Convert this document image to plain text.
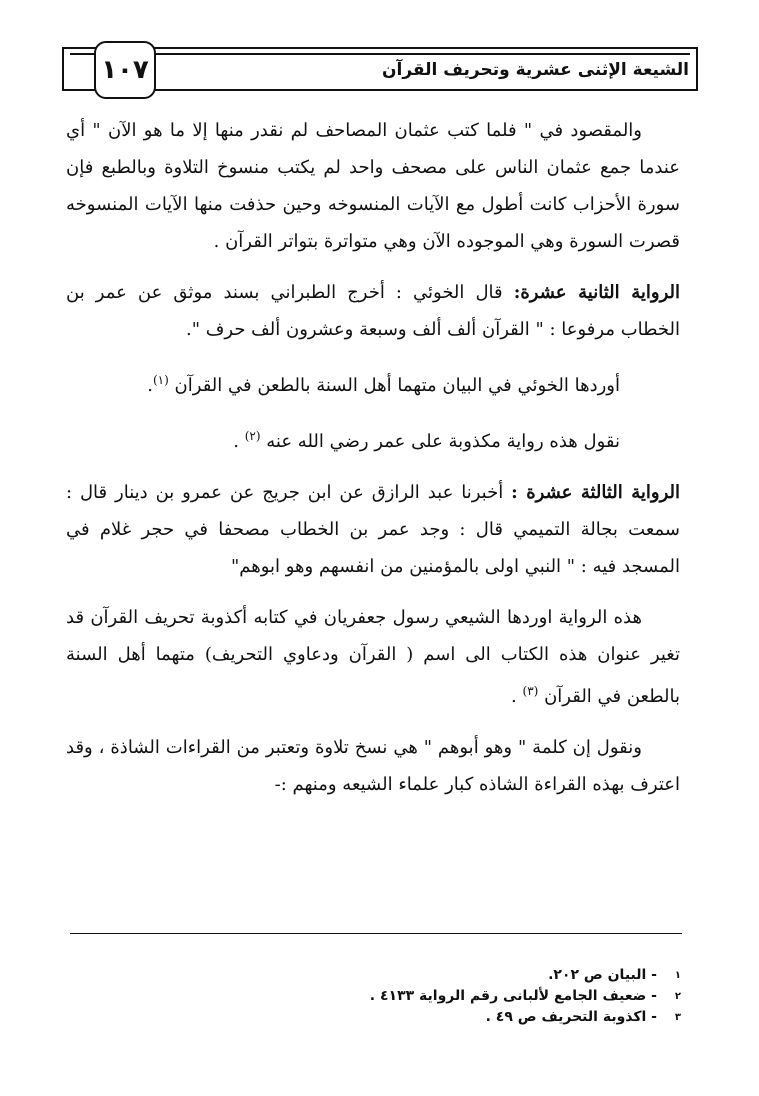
١٠٧	الشيعة الإثنى عشرية وتحريف القرآن

والمقصود في " فلما كتب عثمان المصاحف لم نقدر منها إلا ما هو الآن " أي عندما جمع عثمان الناس على مصحف واحد لم يكتب منسوخ التلاوة وبالطبع فإن سورة الأحزاب كانت أطول مع الآيات المنسوخه وحين حذفت منها الآيات المنسوخه قصرت السورة وهي الموجوده الآن وهي متواترة بتواتر القرآن .

الرواية الثانية عشرة: قال الخوئي : أخرج الطبراني بسند موثق عن عمر بن الخطاب مرفوعا : " القرآن ألف ألف وسبعة وعشرون ألف حرف ".

أوردها الخوئي في البيان متهما أهل السنة بالطعن في القرآن $^{(١)}$.

نقول هذه رواية مكذوبة على عمر رضي الله عنه $^{(٢)}$ .

الرواية الثالثة عشرة : أخبرنا عبد الرازق عن ابن جريج عن عمرو بن دينار قال : سمعت بجالة التميمي قال : وجد عمر بن الخطاب مصحفا في حجر غلام في المسجد فيه : " النبي اولى بالمؤمنين من انفسهم وهو ابوهم"

هذه الرواية اوردها الشيعي رسول جعفريان في كتابه أكذوبة تحريف القرآن قد تغير عنوان هذه الكتاب الى اسم ( القرآن ودعاوي التحريف) متهما أهل السنة بالطعن في القرآن $^{(٣)}$ .

ونقول إن كلمة " وهو أبوهم " هي نسخ تلاوة وتعتبر من القراءات الشاذة ، وقد اعترف بهذه القراءة الشاذه كبار علماء الشيعه ومنهم :-

١
- البيان ص ٢٠٢.
٢
- ضعيف الجامع لألبانى رقم الرواية ٤١٣٣ .
٣
- اكذوبة التحريف ص ٤٩ .
